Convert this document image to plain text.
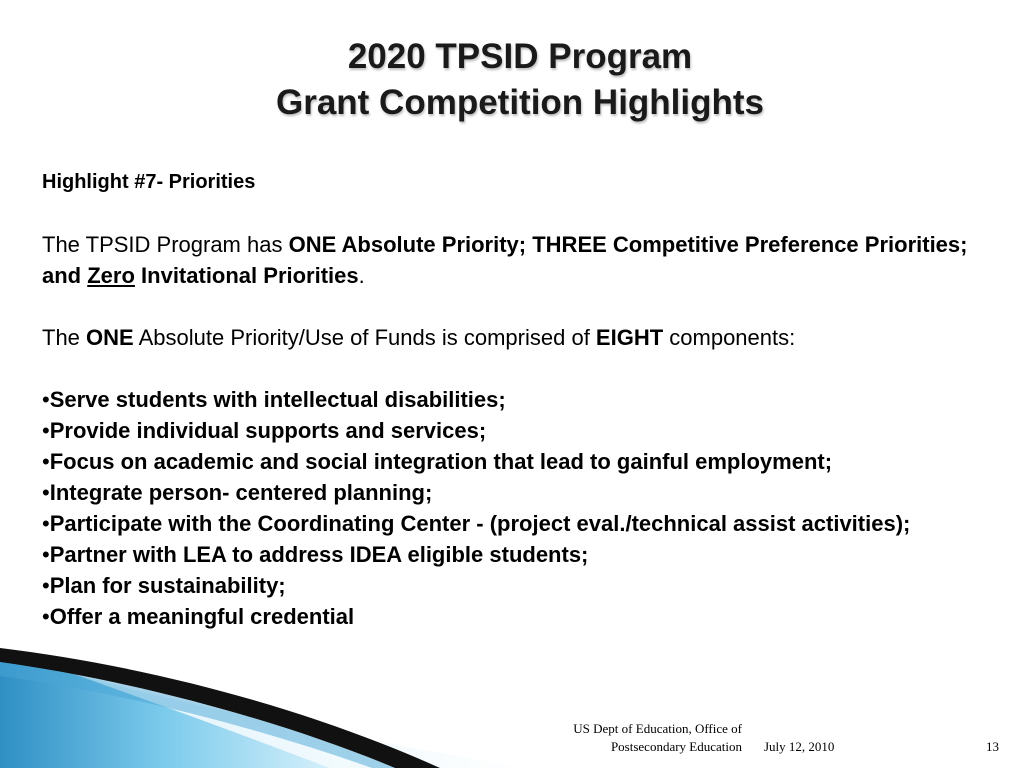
2020 TPSID Program
Grant Competition Highlights

Highlight #7- Priorities

The TPSID Program has ONE Absolute Priority; THREE Competitive Preference Priorities; and Zero Invitational Priorities.

The ONE Absolute Priority/Use of Funds is comprised of EIGHT components:

•Serve students with intellectual disabilities;
•Provide individual supports and services;
•Focus on academic and social integration that lead to gainful employment;
•Integrate person- centered planning;
•Participate with the Coordinating Center - (project eval./technical assist activities);
•Partner with LEA to address IDEA eligible students;
•Plan for sustainability;
•Offer a meaningful credential
US Dept of Education, Office of
Postsecondary Education July 12, 2010	13
